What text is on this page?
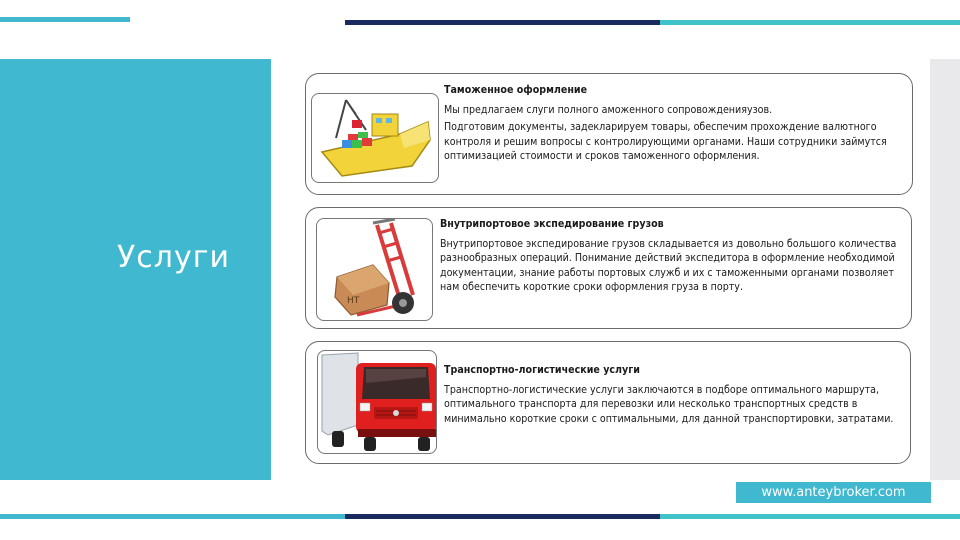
Услуги
Таможенное оформление
Мы предлагаем слуги полного аможенного сопровожденияузов.
Подготовим документы, задекларируем товары, обеспечим прохождение валютного контроля и решим вопросы с контролирующими органами. Наши сотрудники займутся оптимизацией стоимости и сроков таможенного оформления.
HT
Внутрипортовое экспедирование грузов
Внутрипортовое экспедирование грузов складывается из довольно большого количества разнообразных операций. Понимание действий экспедитора в оформление необходимой документации, знание работы портовых служб и их с таможенными органами позволяет нам обеспечить короткие сроки оформления груза в порту.
Транспортно-логистические услуги
Транспортно-логистические услуги заключаются в подборе оптимального маршрута, оптимального транспорта для перевозки или несколько транспортных средств в минимально короткие сроки с оптимальными, для данной транспортировки, затратами.
www.anteybroker.com
